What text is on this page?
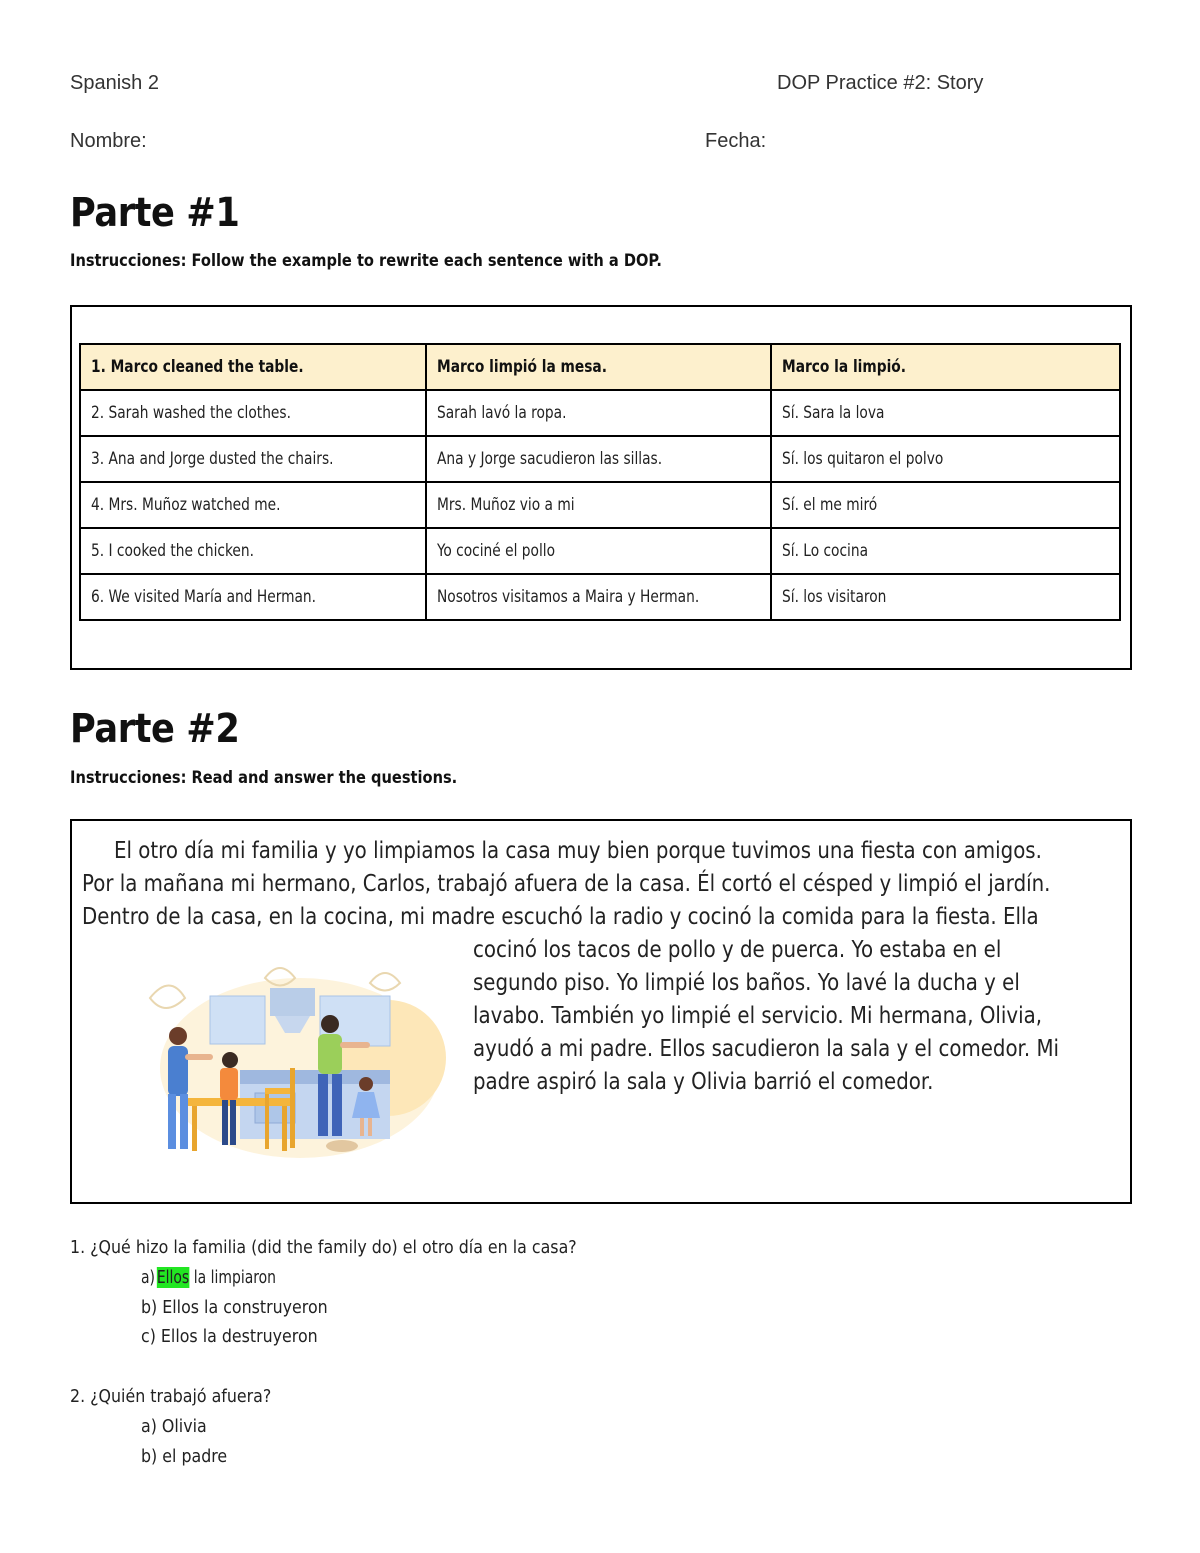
Spanish 2	DOP Practice #2: Story
Nombre:	Fecha:
Parte #1
Instrucciones: Follow the example to rewrite each sentence with a DOP.
1. Marco cleaned the table.	Marco limpió la mesa.	Marco la limpió.
2. Sarah washed the clothes.	Sarah lavó la ropa.	Sí. Sara la lova
3. Ana and Jorge dusted the chairs.	Ana y Jorge sacudieron las sillas.	Sí. los quitaron el polvo
4. Mrs. Muñoz watched me.	Mrs. Muñoz vio a mi	Sí. el me miró
5. I cooked the chicken.	Yo cociné el pollo	Sí. Lo cocina
6. We visited María and Herman.	Nosotros visitamos a Maira y Herman.	Sí. los visitaron
Parte #2
Instrucciones: Read and answer the questions.
El otro día mi familia y yo limpiamos la casa muy bien porque tuvimos una fiesta con amigos.
Por la mañana mi hermano, Carlos, trabajó afuera de la casa. Él cortó el césped y limpió el jardín.
Dentro de la casa, en la cocina, mi madre escuchó la radio y cocinó la comida para la fiesta. Ella
cocinó los tacos de pollo y de puerca. Yo estaba en el
segundo piso. Yo limpié los baños. Yo lavé la ducha y el
lavabo. También yo limpié el servicio. Mi hermana, Olivia,
ayudó a mi padre. Ellos sacudieron la sala y el comedor. Mi
padre aspiró la sala y Olivia barrió el comedor.
1. ¿Qué hizo la familia (did the family do) el otro día en la casa?
a)Ellosla limpiaron
b) Ellos la construyeron
c) Ellos la destruyeron
2. ¿Quién trabajó afuera?
a) Olivia
b) el padre
